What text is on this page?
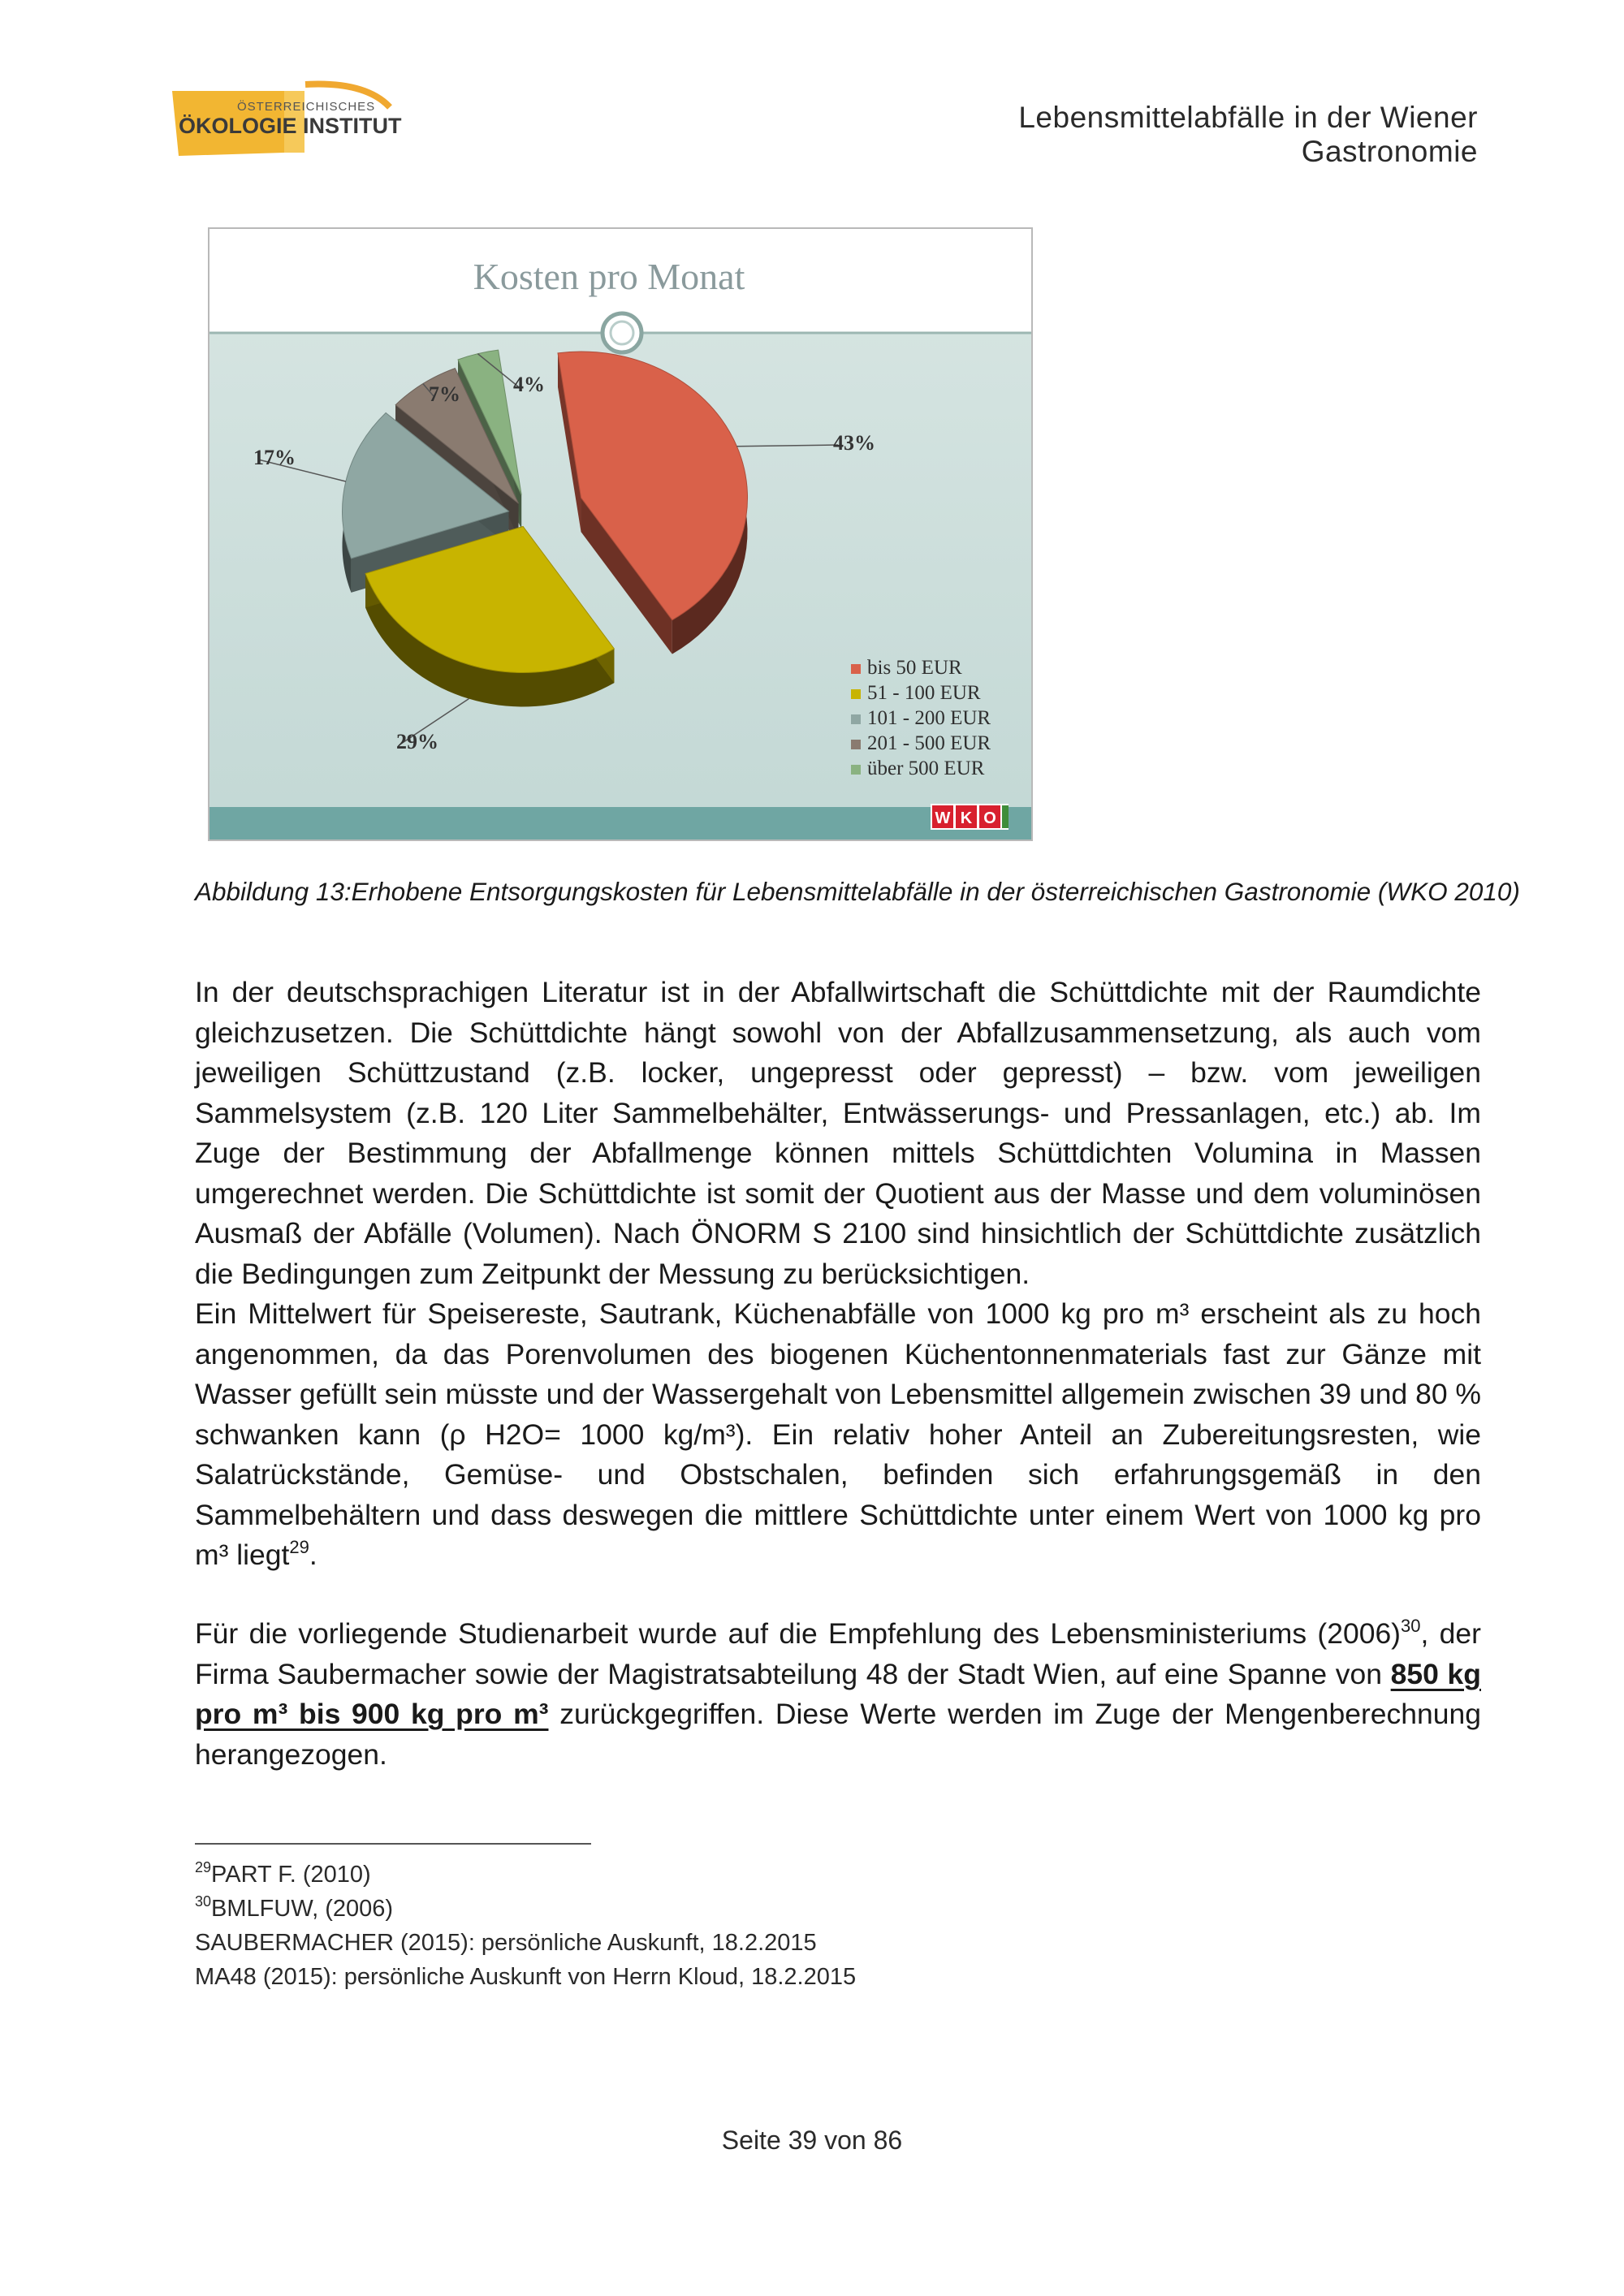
ÖSTERREICHISCHES
ÖKOLOGIE INSTITUT	Lebensmittelabfälle in der Wiener Gastronomie
Kosten pro Monat
43%
29%
17%
7%	4%
bis 50 EUR
51 - 100 EUR
101 - 200 EUR
201 - 500 EUR
über 500 EUR
W K O
Abbildung 13:Erhobene Entsorgungskosten für Lebensmittelabfälle in der österreichischen Gastronomie (WKO 2010)
In der deutschsprachigen Literatur ist in der Abfallwirtschaft die Schüttdichte mit der Raumdichte gleichzusetzen. Die Schüttdichte hängt sowohl von der Abfallzusammensetzung, als auch vom jeweiligen Schüttzustand (z.B. locker, ungepresst oder gepresst) – bzw. vom jeweiligen Sammelsystem (z.B. 120 Liter Sammelbehälter, Entwässerungs- und Pressanlagen, etc.) ab. Im Zuge der Bestimmung der Abfallmenge können mittels Schüttdichten Volumina in Massen umgerechnet werden. Die Schüttdichte ist somit der Quotient aus der Masse und dem voluminösen Ausmaß der Abfälle (Volumen). Nach ÖNORM S 2100 sind hinsichtlich der Schüttdichte zusätzlich die Bedingungen zum Zeitpunkt der Messung zu berücksichtigen.
Ein Mittelwert für Speisereste, Sautrank, Küchenabfälle von 1000 kg pro m³ erscheint als zu hoch angenommen, da das Porenvolumen des biogenen Küchentonnenmaterials fast zur Gänze mit Wasser gefüllt sein müsste und der Wassergehalt von Lebensmittel allgemein zwischen 39 und 80 % schwanken kann (ρ H2O= 1000 kg/m³). Ein relativ hoher Anteil an Zubereitungsresten, wie Salatrückstände, Gemüse- und Obstschalen, befinden sich erfahrungsgemäß in den Sammelbehältern und dass deswegen die mittlere Schüttdichte unter einem Wert von 1000 kg pro m³ liegt$^{29}$.
Für die vorliegende Studienarbeit wurde auf die Empfehlung des Lebensministeriums $(2006)^{30}$, der Firma Saubermacher sowie der Magistratsabteilung 48 der Stadt Wien, auf eine Spanne von 850 kg pro m³ bis 900 kg pro m³ zurückgegriffen. Diese Werte werden im Zuge der Mengenberechnung herangezogen.
$^{29}$PART F. (2010)
$^{30}$BMLFUW, (2006)
SAUBERMACHER (2015): persönliche Auskunft, 18.2.2015
MA48 (2015): persönliche Auskunft von Herrn Kloud, 18.2.2015
Seite 39 von 86
